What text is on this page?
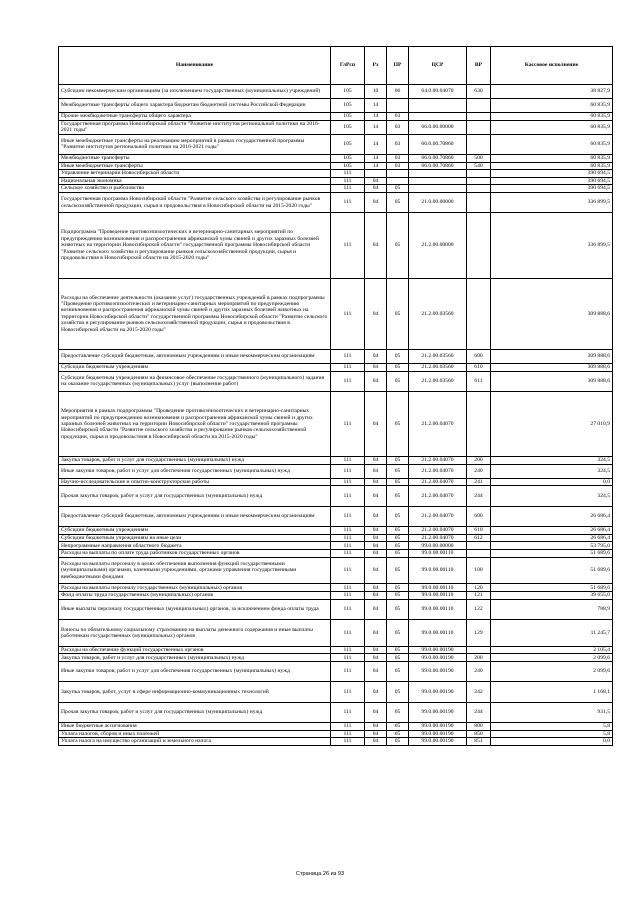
Наименование	ГлРсп	Рз	ПР	ЦСР	ВР	Кассовое исполнение
Субсидии некоммерческим организациям (за исключением государственных (муниципальных) учреждений)	105	10	06	64.0.00.04070	630	38 827,9
Межбюджетные трансферты общего характера бюджетам бюджетной системы Российской Федерации	105	14				60 835,9
Прочие межбюджетные трансферты общего характера	105	14	03			60 835,9
Государственная программа Новосибирской области "Развитие институтов региональной политики на 2016-2021 годы"	105	14	03	66.0.00.00000		60 835,9
Иные межбюджетные трансферты на реализацию мероприятий в рамках государственной программы "Развитие институтов региональной политики на 2016-2021 годы"	105	14	03	66.0.00.70860		60 835,9
Межбюджетные трансферты	105	14	03	66.0.00.70860	500	60 835,9
Иные межбюджетные трансферты	105	14	03	66.0.00.70860	540	60 835,9
Управление ветеринарии Новосибирской области	111					390 694,5
Национальная экономика	111	04				390 694,5
Сельское хозяйство и рыболовство	111	04	05			390 694,5
Государственная программа Новосибирской области "Развитие сельского хозяйства и регулирование рынков сельскохозяйственной продукции, сырья и продовольствия в Новосибирской области на 2015-2020 годы"	111	04	05	21.0.00.00000		336 899,5
Подпрограмма "Проведение противоэпизоотических и ветеринарно-санитарных мероприятий по предупреждению возникновения и распространения африканской чумы свиней и других заразных болезней животных на территории Новосибирской области" государственной программы Новосибирской области "Развитие сельского хозяйства и регулирование рынков сельскохозяйственной продукции, сырья и продовольствия в Новосибирской области на 2015-2020 годы"	111	04	05	21.2.00.00000		336 899,5
Расходы на обеспечение деятельности (оказание услуг) государственных учреждений в рамках подпрограммы "Проведение противоэпизоотических и ветеринарно-санитарных мероприятий по предупреждению возникновения и распространения африканской чумы свиней и других заразных болезней животных на территории Новосибирской области" государственной программы Новосибирской области "Развитие сельского хозяйства и регулирование рынков сельскохозяйственной продукции, сырья и продовольствия в Новосибирской области на 2015-2020 годы"	111	04	05	21.2.00.03560		309 888,6
Предоставление субсидий бюджетным, автономным учреждениям и иным некоммерческим организациям	111	04	05	21.2.00.03560	600	309 888,6
Субсидии бюджетным учреждениям	111	04	05	21.2.00.03560	610	309 888,6
Субсидии бюджетным учреждениям на финансовое обеспечение государственного (муниципального) задания на оказание государственных (муниципальных) услуг (выполнение работ)	111	04	05	21.2.00.03560	611	309 888,6
Мероприятия в рамках подпрограммы "Проведение противоэпизоотических и ветеринарно-санитарных мероприятий по предупреждению возникновения и распространения африканской чумы свиней и других заразных болезней животных на территории Новосибирской области" государственной программы Новосибирской области "Развитие сельского хозяйства и регулирование рынков сельскохозяйственной продукции, сырья и продовольствия в Новосибирской области на 2015-2020 годы"	111	04	05	21.2.00.04070		27 010,9
Закупка товаров, работ и услуг для государственных (муниципальных) нужд	111	04	05	21.2.00.04070	200	324,5
Иные закупки товаров, работ и услуг для обеспечения государственных (муниципальных) нужд	111	04	05	21.2.00.04070	240	324,5
Научно-исследовательские и опытно-конструкторские работы	111	04	05	21.2.00.04070	241	0,0
Прочая закупка товаров, работ и услуг для государственных (муниципальных) нужд	111	04	05	21.2.00.04070	244	324,5
Предоставление субсидий бюджетным, автономным учреждениям и иным некоммерческим организациям	111	04	05	21.2.00.04070	600	26 686,4
Субсидии бюджетным учреждениям	111	04	05	21.2.00.04070	610	26 686,4
Субсидии бюджетным учреждениям на иные цели	111	04	05	21.2.00.04070	612	26 686,4
Непрограммные направления областного бюджета	111	04	05	99.0.00.00000		53 795,0
Расходы на выплаты по оплате труда работников государственных органов	111	04	05	99.0.00.00110		51 689,6
Расходы на выплаты персоналу в целях обеспечения выполнения функций государственными (муниципальными) органами, казенными учреждениями, органами управления государственными внебюджетными фондами	111	04	05	99.0.00.00110	100	51 689,6
Расходы на выплаты персоналу государственных (муниципальных) органов	111	04	05	99.0.00.00110	120	51 689,6
Фонд оплаты труда государственных (муниципальных) органов	111	04	05	99.0.00.00110	121	39 655,0
Иные выплаты персоналу государственных (муниципальных) органов, за исключением фонда оплаты труда	111	04	05	99.0.00.00110	122	788,9
Взносы по обязательному социальному страхованию на выплаты денежного содержания и иные выплаты работникам государственных (муниципальных) органов	111	04	05	99.0.00.00110	129	11 245,7
Расходы на обеспечение функций государственных органов	111	04	05	99.0.00.00190		2 105,4
Закупка товаров, работ и услуг для государственных (муниципальных) нужд	111	04	05	99.0.00.00190	200	2 099,6
Иные закупки товаров, работ и услуг для обеспечения государственных (муниципальных) нужд	111	04	05	99.0.00.00190	240	2 099,6
Закупка товаров, работ, услуг в сфере информационно-коммуникационных технологий	111	04	05	99.0.00.00190	242	1 168,1
Прочая закупка товаров, работ и услуг для государственных (муниципальных) нужд	111	04	05	99.0.00.00190	244	931,5
Иные бюджетные ассигнования	111	04	05	99.0.00.00190	800	5,8
Уплата налогов, сборов и иных платежей	111	04	05	99.0.00.00190	850	5,8
Уплата налога на имущество организаций и земельного налога	111	04	05	99.0.00.00190	851	0,0
Страница 26 из 93
